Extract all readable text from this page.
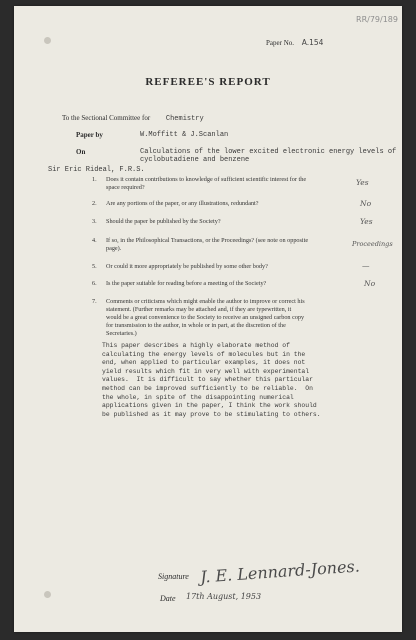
RR/79/189
Paper No. A.154
REFEREE'S REPORT
To the Sectional Committee for Chemistry
Paper by	W.Moffitt & J.Scanlan
On	Calculations of the lower excited electronic energy levels of
cyclobutadiene and benzene
Sir Eric Rideal, F.R.S.
1. Does it contain contributions to knowledge of sufficient scientific interest for the
space required?
Yes
2. Are any portions of the paper, or any illustrations, redundant?	No
3. Should the paper be published by the Society?	Yes
4. If so, in the Philosophical Transactions, or the Proceedings? (see note on opposite
page).
Proceedings
5. Or could it more appropriately be published by some other body?	—
6. Is the paper suitable for reading before a meeting of the Society?	No
7. Comments or criticisms which might enable the author to improve or correct his
statement. (Further remarks may be attached and, if they are typewritten, it
would be a great convenience to the Society to receive an unsigned carbon copy
for transmission to the author, in whole or in part, at the discretion of the
Secretaries.)
This paper describes a highly elaborate method of
calculating the energy levels of molecules but in the
end, when applied to particular examples, it does not
yield results which fit in very well with experimental
values.  It is difficult to say whether this particular
method can be improved sufficiently to be reliable.  On
the whole, in spite of the disappointing numerical
applications given in the paper, I think the work should
be published as it may prove to be stimulating to others.
Signature J. E. Lennard-Jones.
Date 17th August, 1953
